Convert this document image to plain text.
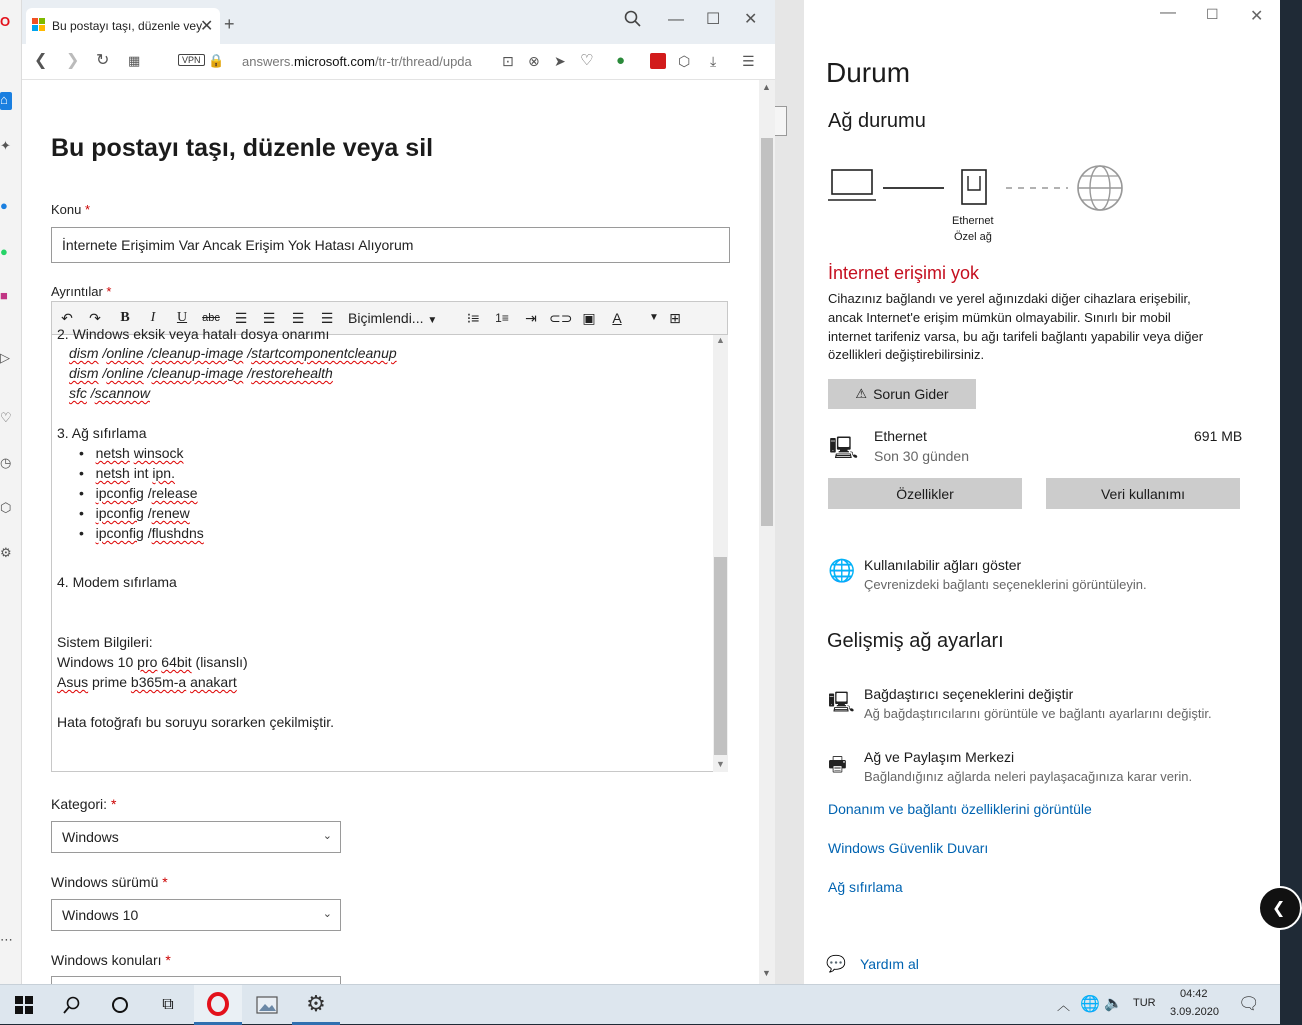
O
⌂
✦
●
●
■
▷
♡
◷
⬡
⚙
⋯
Bu postayı taşı, düzenle vey
✕ +	— ☐ ✕
❮ ❯ ↻ ▦	VPN 🔒 answers.microsoft.com/tr-tr/thread/upda ⊡ ⊗ ➤ ♡ ●	⬡ ⤓ ☰
Bu postayı taşı, düzenle veya sil
Konu *
İnternete Erişimim Var Ancak Erişim Yok Hatası Alıyorum
Ayrıntılar *
↶	↷	B	I	U	abc	☰	☰	☰	☰	Biçimlendi... ▼	⁝≡	1≡	⇥ ⊂⊃ ▣	A	▼ ⊞
2. Windows eksik veya hatalı dosya onarımı
dism /online /cleanup-image /startcomponentcleanup
dism /online /cleanup-image /restorehealth
sfc /scannow
3. Ağ sıfırlama
•   netsh winsock
•   netsh int ipn.
•   ipconfig /release
•   ipconfig /renew
•   ipconfig /flushdns
4. Modem sıfırlama
Sistem Bilgileri:
Windows 10 pro 64bit (lisanslı)
Asus prime b365m-a anakart
Hata fotoğrafı bu soruyu sorarken çekilmiştir.
▲
▼
Kategori: *
Windows	⌄
Windows sürümü *
Windows 10	⌄
Windows konuları *
▲
▼
— ☐ ✕
Durum
Ağ durumu
Ethernet
Özel ağ
İnternet erişimi yok
Cihazınız bağlandı ve yerel ağınızdaki diğer cihazlara erişebilir,
ancak Internet'e erişim mümkün olmayabilir. Sınırlı bir mobil
internet tarifeniz varsa, bu ağı tarifeli bağlantı yapabilir veya diğer
özellikleri değiştirebilirsiniz.
⚠ Sorun Gider
🖳 Ethernet
Son 30 günden
691 MB
Özellikler	Veri kullanımı
🌐 Kullanılabilir ağları göster
Çevrenizdeki bağlantı seçeneklerini görüntüleyin.
Gelişmiş ağ ayarları
🖳 Bağdaştırıcı seçeneklerini değiştir
Ağ bağdaştırıcılarını görüntüle ve bağlantı ayarlarını değiştir.
🖶 Ağ ve Paylaşım Merkezi
Bağlandığınız ağlarda neleri paylaşacağınıza karar verin.
Donanım ve bağlantı özelliklerini görüntüle
Windows Güvenlik Duvarı
Ağ sıfırlama
💬 Yardım al
❮
⧉	⚙	︿ 🌐 🔈 TUR
04:42
3.09.2020 🗨
